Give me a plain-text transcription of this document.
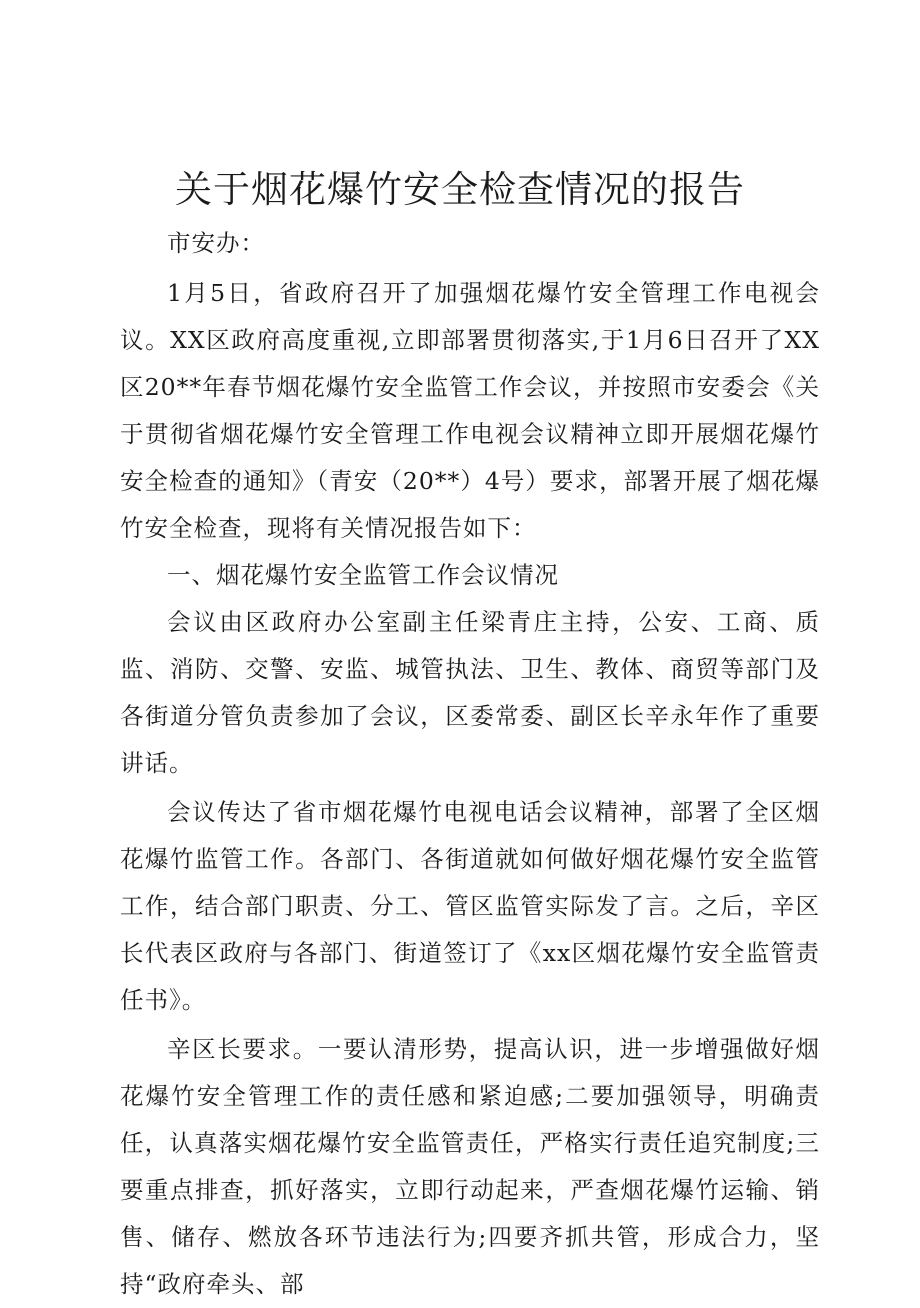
关于烟花爆竹安全检查情况的报告

市安办：

1月5日，省政府召开了加强烟花爆竹安全管理工作电视会议。XX区政府高度重视,立即部署贯彻落实,于1月6日召开了XX区20**年春节烟花爆竹安全监管工作会议，并按照市安委会《关于贯彻省烟花爆竹安全管理工作电视会议精神立即开展烟花爆竹安全检查的通知》（青安（20**）4号）要求，部署开展了烟花爆竹安全检查，现将有关情况报告如下：

一、烟花爆竹安全监管工作会议情况

会议由区政府办公室副主任梁青庄主持，公安、工商、质监、消防、交警、安监、城管执法、卫生、教体、商贸等部门及各街道分管负责参加了会议，区委常委、副区长辛永年作了重要讲话。

会议传达了省市烟花爆竹电视电话会议精神，部署了全区烟花爆竹监管工作。各部门、各街道就如何做好烟花爆竹安全监管工作，结合部门职责、分工、管区监管实际发了言。之后，辛区长代表区政府与各部门、街道签订了《xx区烟花爆竹安全监管责任书》。

辛区长要求。一要认清形势，提高认识，进一步增强做好烟花爆竹安全管理工作的责任感和紧迫感;二要加强领导，明确责任，认真落实烟花爆竹安全监管责任，严格实行责任追究制度;三要重点排查，抓好落实，立即行动起来，严查烟花爆竹运输、销售、储存、燃放各环节违法行为;四要齐抓共管，形成合力，坚持“政府牵头、部
